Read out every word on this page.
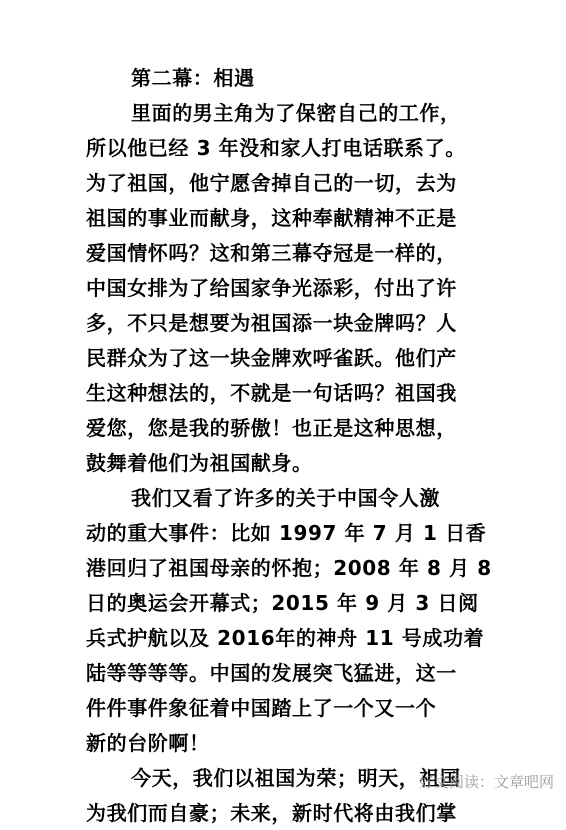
第二幕：相遇
里面的男主角为了保密自己的工作，
所以他已经 3 年没和家人打电话联系了。
为了祖国，他宁愿舍掉自己的一切，去为
祖国的事业而献身，这种奉献精神不正是
爱国情怀吗？这和第三幕夺冠是一样的，
中国女排为了给国家争光添彩，付出了许
多，不只是想要为祖国添一块金牌吗？人
民群众为了这一块金牌欢呼雀跃。他们产
生这种想法的，不就是一句话吗？祖国我
爱您，您是我的骄傲！也正是这种思想，
鼓舞着他们为祖国献身。
我们又看了许多的关于中国令人激
动的重大事件：比如 1997 年 7 月 1 日香
港回归了祖国母亲的怀抱；2008 年 8 月 8
日的奥运会开幕式；2015 年 9 月 3 日阅
兵式护航以及 2016年的神舟 11 号成功着
陆等等等等。中国的发展突飞猛进，这一
件件事件象征着中国踏上了一个又一个
新的台阶啊！
今天，我们以祖国为荣；明天，祖国
为我们而自豪；未来，新时代将由我们掌
好文阅读：文章吧网
